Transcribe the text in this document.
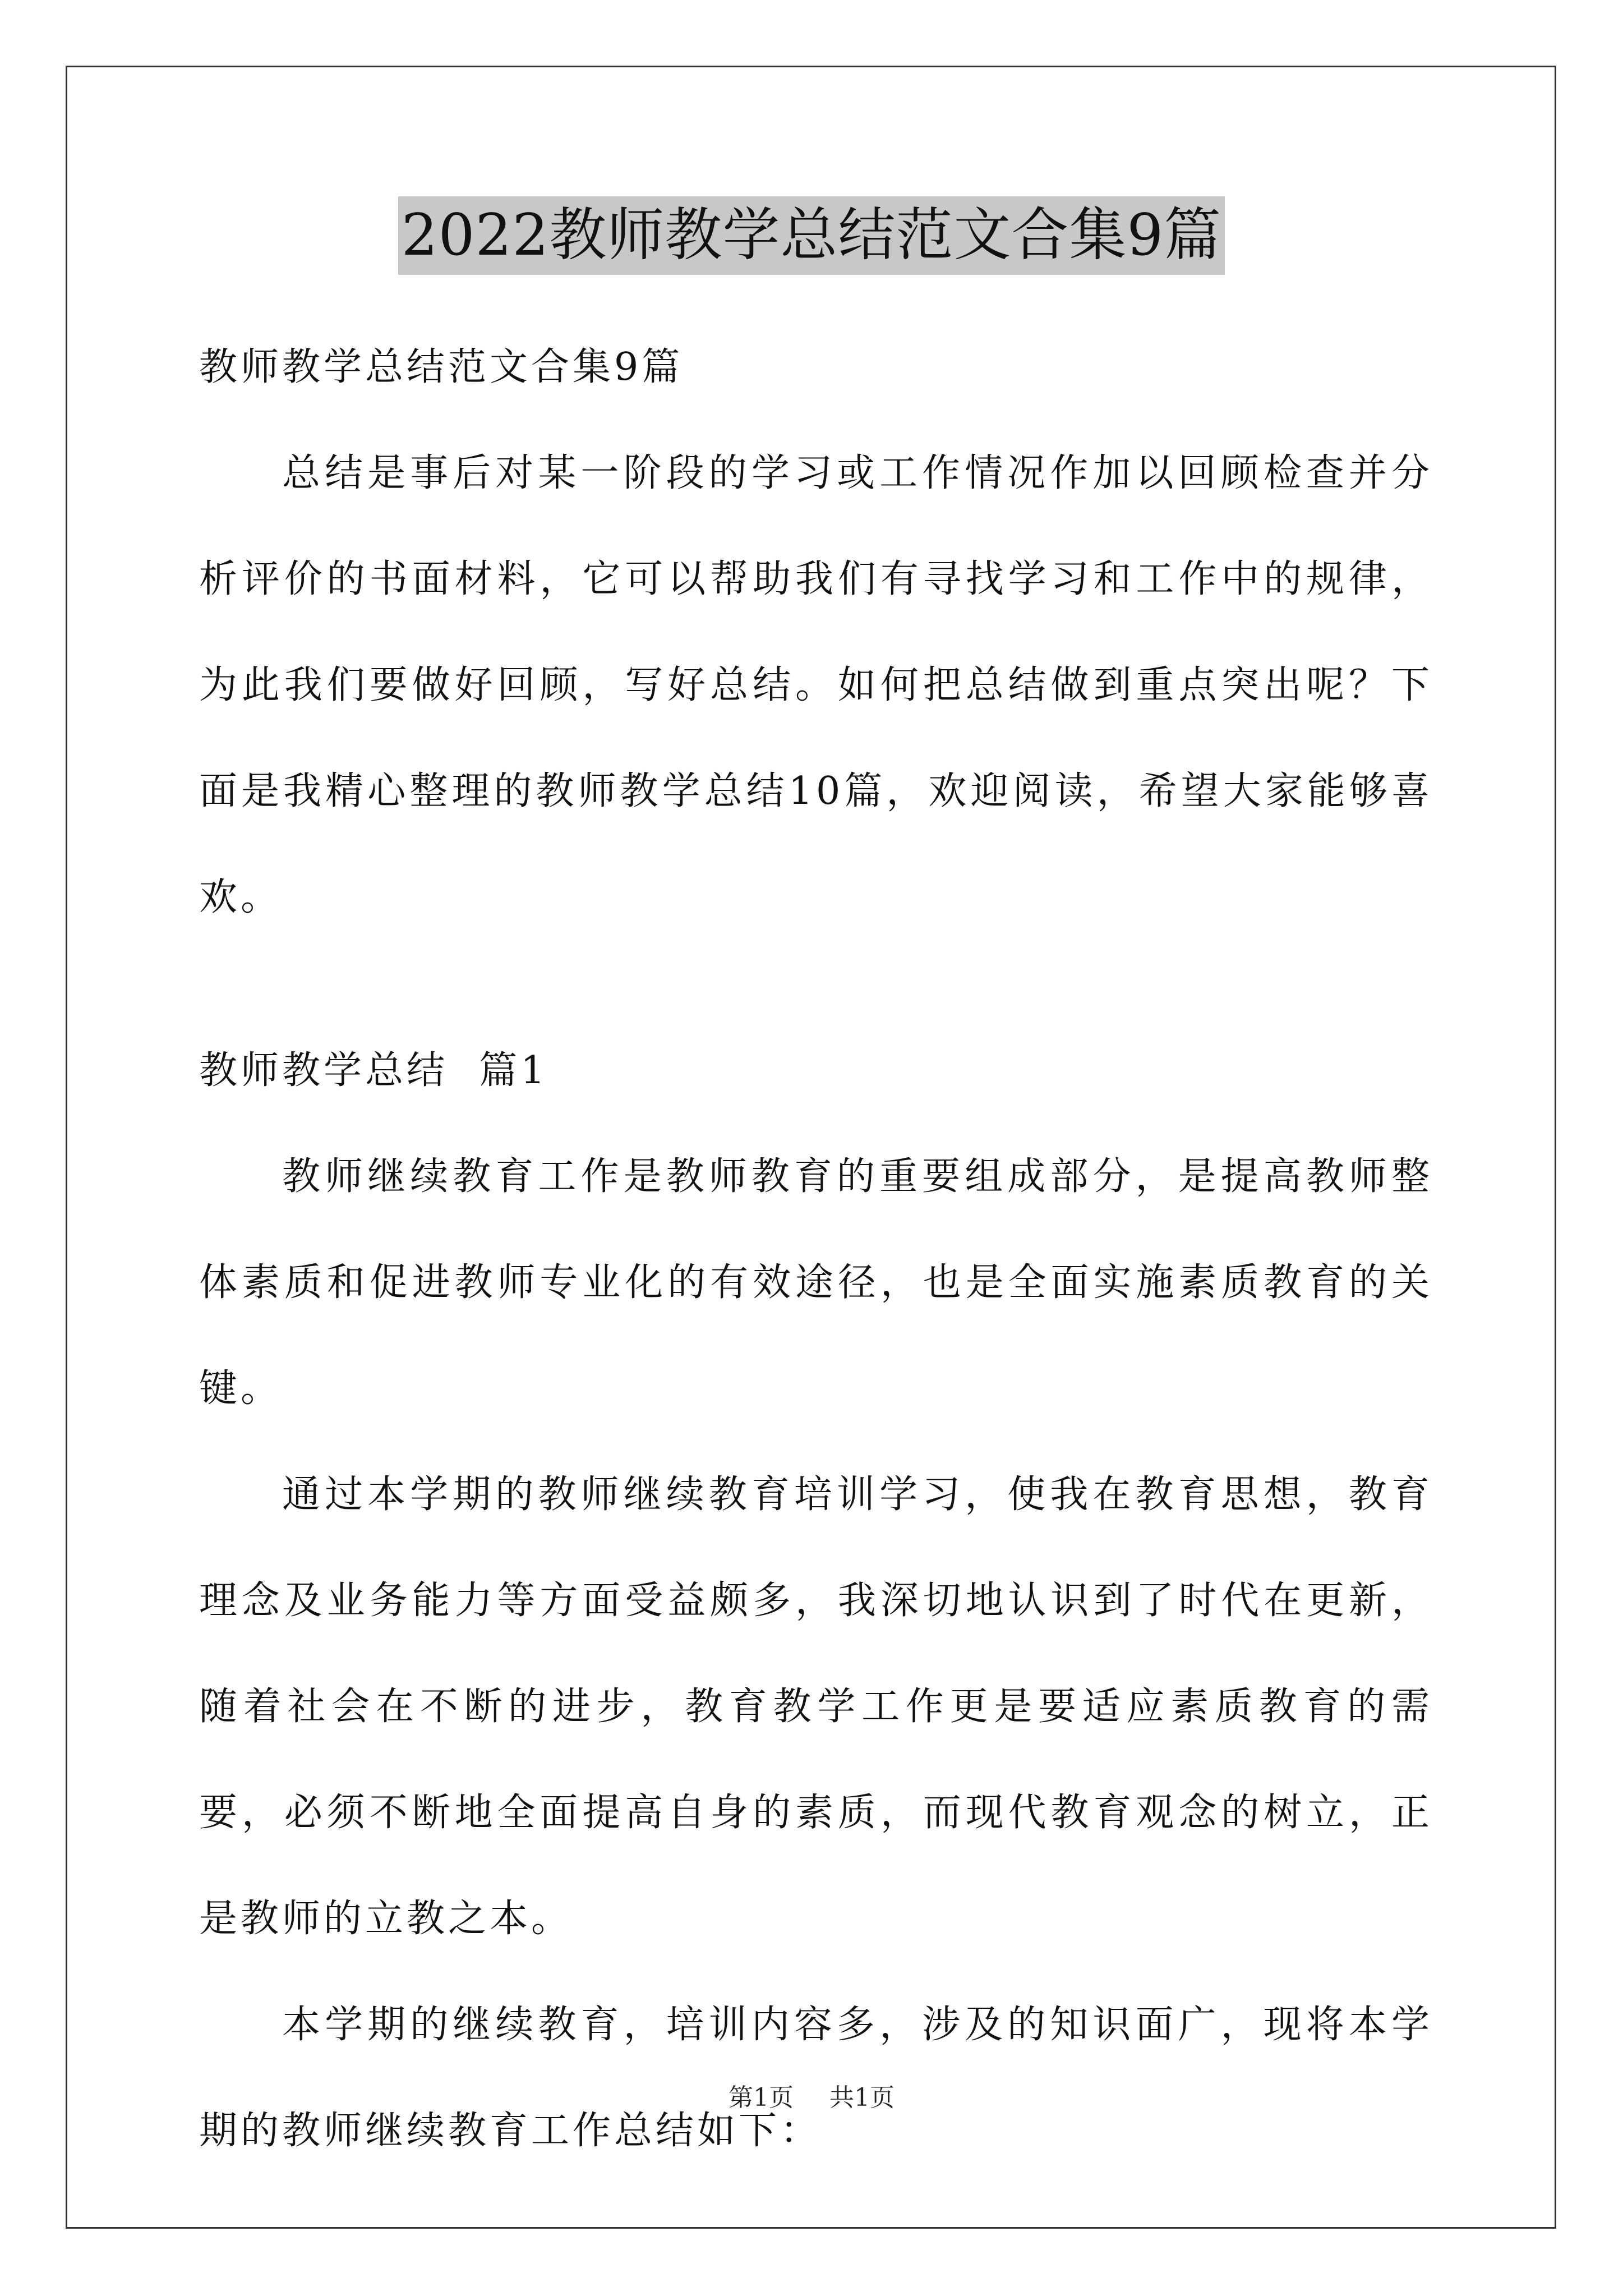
2022教师教学总结范文合集9篇

教师教学总结范文合集9篇

总结是事后对某一阶段的学习或工作情况作加以回顾检查并分析评价的书面材料，它可以帮助我们有寻找学习和工作中的规律，为此我们要做好回顾，写好总结。如何把总结做到重点突出呢？下面是我精心整理的教师教学总结10篇，欢迎阅读，希望大家能够喜欢。

教师教学总结  篇1

教师继续教育工作是教师教育的重要组成部分，是提高教师整体素质和促进教师专业化的有效途径，也是全面实施素质教育的关键。

通过本学期的教师继续教育培训学习，使我在教育思想，教育理念及业务能力等方面受益颇多，我深切地认识到了时代在更新，随着社会在不断的进步，教育教学工作更是要适应素质教育的需要，必须不断地全面提高自身的素质，而现代教育观念的树立，正是教师的立教之本。

本学期的继续教育，培训内容多，涉及的知识面广，现将本学期的教师继续教育工作总结如下：

第1页 共1页
